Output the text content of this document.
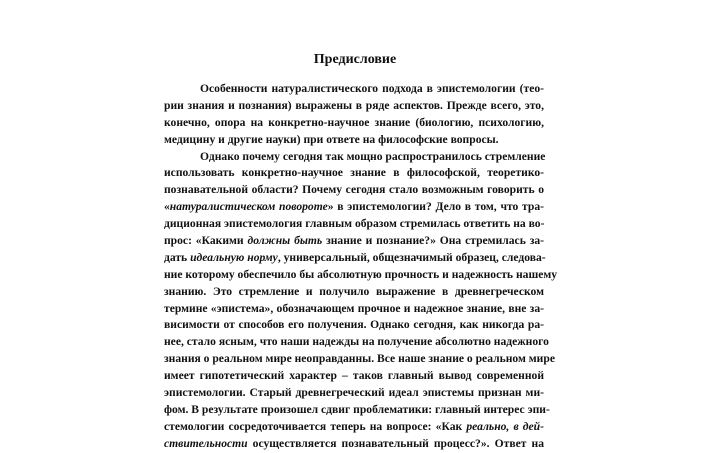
Предисловие
Особенности натуралистического подхода в эпистемологии (тео-
рии знания и познания) выражены в ряде аспектов. Прежде всего, это,
конечно, опора на конкретно-научное знание (биологию, психологию,
медицину и другие науки) при ответе на философские вопросы.
Однако почему сегодня так мощно распространилось стремление
использовать конкретно-научное знание в философской, теоретико-
познавательной области? Почему сегодня стало возможным говорить о
«натуралистическом повороте» в эпистемологии? Дело в том, что тра-
диционная эпистемология главным образом стремилась ответить на во-
прос: «Какими должны быть знание и познание?» Она стремилась за-
дать идеальную норму, универсальный, общезначимый образец, следова-
ние которому обеспечило бы абсолютную прочность и надежность нашему
знанию. Это стремление и получило выражение в древнегреческом
термине «эпистема», обозначающем прочное и надежное знание, вне за-
висимости от способов его получения. Однако сегодня, как никогда ра-
нее, стало ясным, что наши надежды на получение абсолютно надежного
знания о реальном мире неоправданны. Все наше знание о реальном мире
имеет гипотетический характер – таков главный вывод современной
эпистемологии. Старый древнегреческий идеал эпистемы признан ми-
фом. В результате произошел сдвиг проблематики: главный интерес эпи-
стемологии сосредоточивается теперь на вопросе: «Как реально, в дей-
ствительности осуществляется познавательный процесс?». Ответ на
